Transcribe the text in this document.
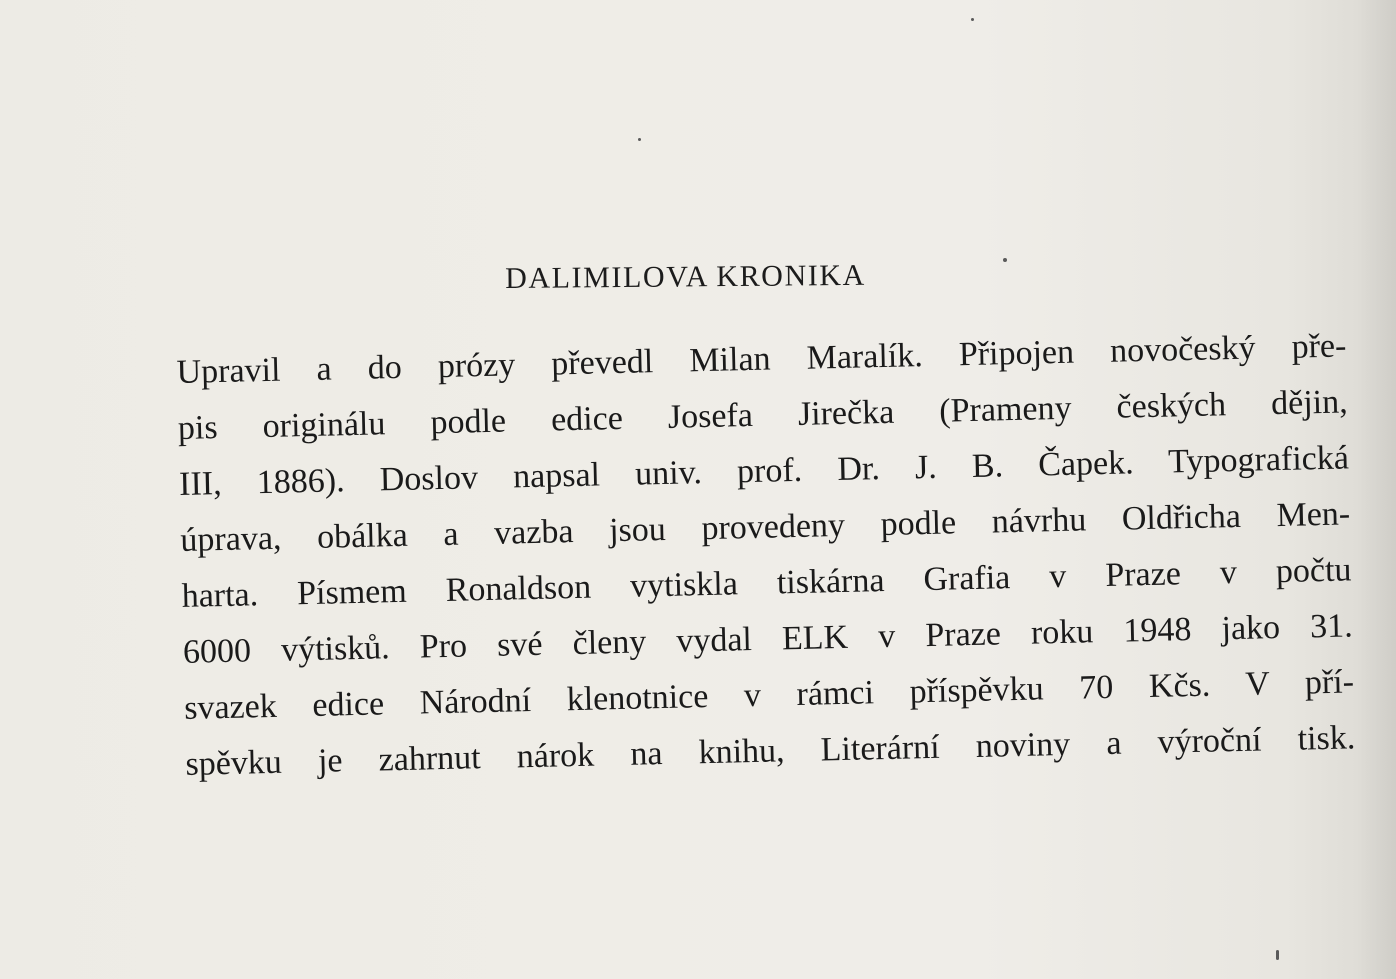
DALIMILOVA KRONIKA
Upravil a do prózy převedl Milan Maralík. Připojen novočeský pře-
pis originálu podle edice Josefa Jirečka (Prameny českých dějin,
III, 1886). Doslov napsal univ. prof. Dr. J. B. Čapek. Typografická
úprava, obálka a vazba jsou provedeny podle návrhu Oldřicha Men-
harta. Písmem Ronaldson vytiskla tiskárna Grafia v Praze v počtu
6000 výtisků. Pro své členy vydal ELK v Praze roku 1948 jako 31.
svazek edice Národní klenotnice v rámci příspěvku 70 Kčs. V pří-
spěvku je zahrnut nárok na knihu, Literární noviny a výroční tisk.
